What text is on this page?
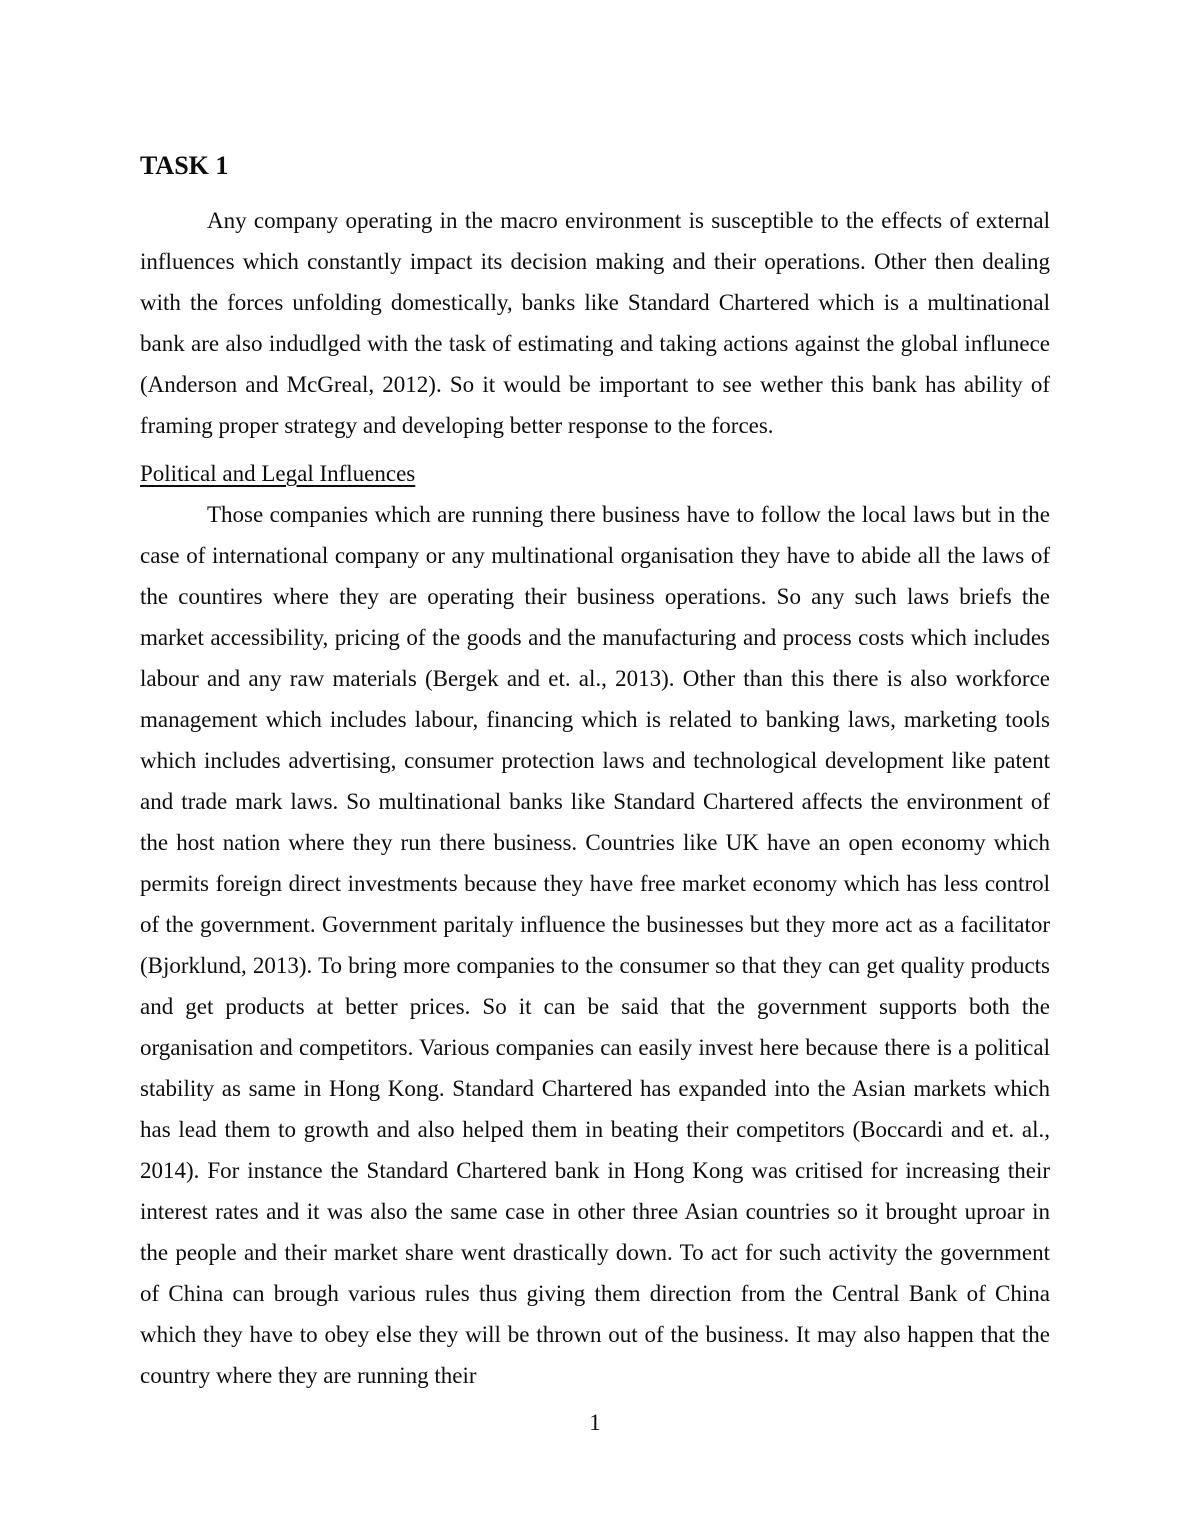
TASK 1

Any company operating in the macro environment is susceptible to the effects of external influences which constantly impact its decision making and their operations. Other then dealing with the forces unfolding domestically, banks like Standard Chartered which is a multinational bank are also indudlged with the task of estimating and taking actions against the global influnece (Anderson and McGreal, 2012). So it would be important to see wether this bank has ability of framing proper strategy and developing better response to the forces.

Political and Legal Influences

Those companies which are running there business have to follow the local laws but in the case of international company or any multinational organisation they have to abide all the laws of the countires where they are operating their business operations. So any such laws briefs the market accessibility, pricing of the goods and the manufacturing and process costs which includes labour and any raw materials (Bergek and et. al., 2013). Other than this there is also workforce management which includes labour, financing which is related to banking laws, marketing tools which includes advertising, consumer protection laws and technological development like patent and trade mark laws. So multinational banks like Standard Chartered affects the environment of the host nation where they run there business. Countries like UK have an open economy which permits foreign direct investments because they have free market economy which has less control of the government. Government paritaly influence the businesses but they more act as a facilitator (Bjorklund, 2013). To bring more companies to the consumer so that they can get quality products and get products at better prices. So it can be said that the government supports both the organisation and competitors. Various companies can easily invest here because there is a political stability as same in Hong Kong. Standard Chartered has expanded into the Asian markets which has lead them to growth and also helped them in beating their competitors (Boccardi and et. al., 2014). For instance the Standard Chartered bank in Hong Kong was critised for increasing their interest rates and it was also the same case in other three Asian countries so it brought uproar in the people and their market share went drastically down. To act for such activity the government of China can brough various rules thus giving them direction from the Central Bank of China which they have to obey else they will be thrown out of the business. It may also happen that the country where they are running their

1
